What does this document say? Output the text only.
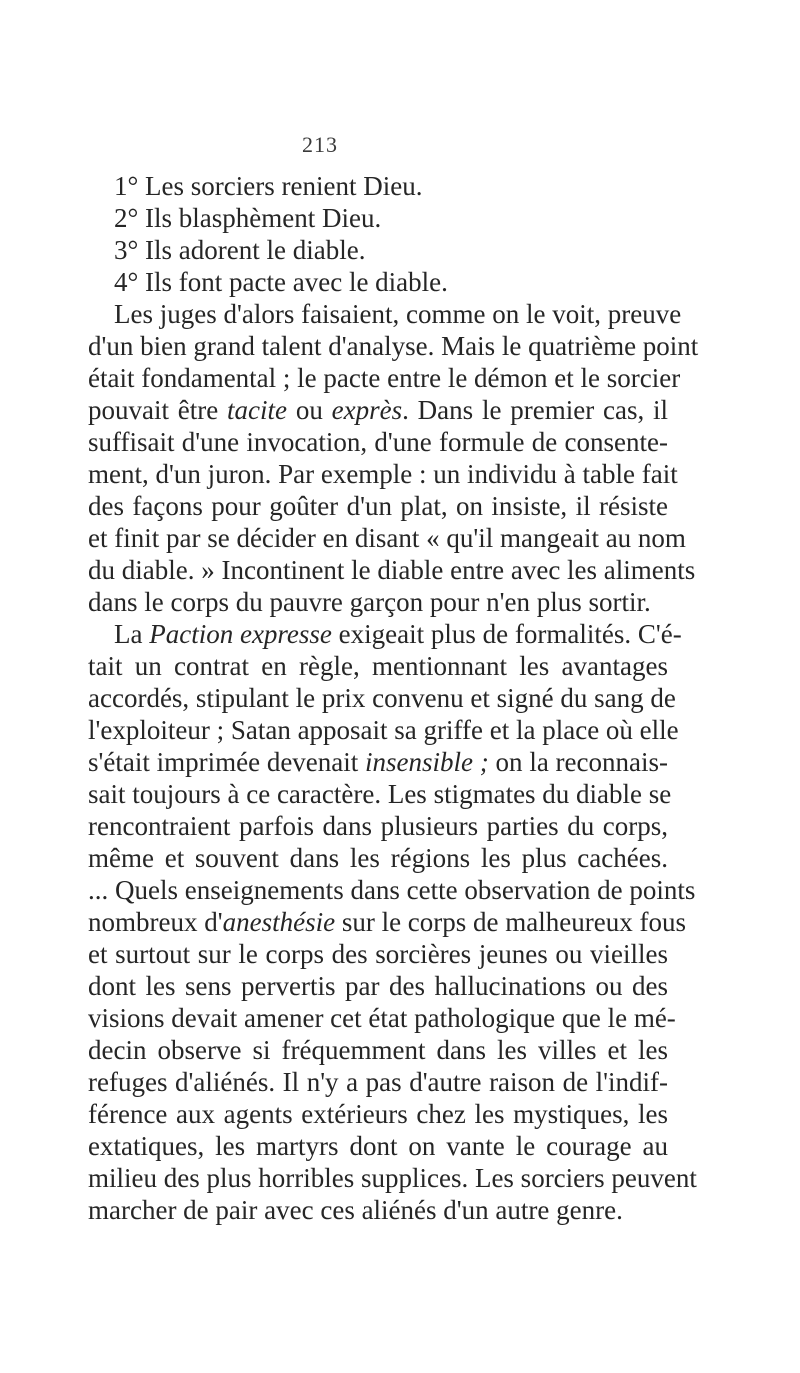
213
1° Les sorciers renient Dieu.
2° Ils blasphèment Dieu.
3° Ils adorent le diable.
4° Ils font pacte avec le diable.
Les juges d'alors faisaient, comme on le voit, preuve
d'un bien grand talent d'analyse. Mais le quatrième point
était fondamental ; le pacte entre le démon et le sorcier
pouvait être tacite ou exprès. Dans le premier cas, il
suffisait d'une invocation, d'une formule de consente-
ment, d'un juron. Par exemple : un individu à table fait
des façons pour goûter d'un plat, on insiste, il résiste
et finit par se décider en disant « qu'il mangeait au nom
du diable. » Incontinent le diable entre avec les aliments
dans le corps du pauvre garçon pour n'en plus sortir.
La Paction expresse exigeait plus de formalités. C'é-
tait un contrat en règle, mentionnant les avantages
accordés, stipulant le prix convenu et signé du sang de
l'exploiteur ; Satan apposait sa griffe et la place où elle
s'était imprimée devenait insensible ; on la reconnais-
sait toujours à ce caractère. Les stigmates du diable se
rencontraient parfois dans plusieurs parties du corps,
même et souvent dans les régions les plus cachées.
... Quels enseignements dans cette observation de points
nombreux d'anesthésie sur le corps de malheureux fous
et surtout sur le corps des sorcières jeunes ou vieilles
dont les sens pervertis par des hallucinations ou des
visions devait amener cet état pathologique que le mé-
decin observe si fréquemment dans les villes et les
refuges d'aliénés. Il n'y a pas d'autre raison de l'indif-
férence aux agents extérieurs chez les mystiques, les
extatiques, les martyrs dont on vante le courage au
milieu des plus horribles supplices. Les sorciers peuvent
marcher de pair avec ces aliénés d'un autre genre.
